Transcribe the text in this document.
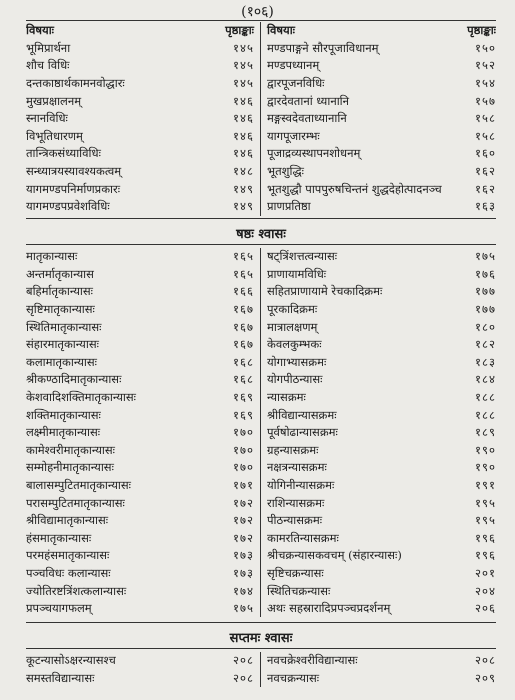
(१०६)
विषयाः	पृष्ठाङ्काः
भूमिप्रार्थना	१४५
शौच विधिः	१४५
दन्तकाष्ठार्थकामनवोद्धारः	१४५
मुखप्रक्षालनम्	१४६
स्नानविधिः	१४६
विभूतिधारणम्	१४६
तान्त्रिकसंध्याविधिः	१४६
सन्ध्यात्रयस्यावश्यकत्वम्	१४८
यागमण्डपनिर्माणप्रकारः	१४९
यागमण्डपप्रवेशविधिः	१४९
विषयाः	पृष्ठाङ्काः
मण्डपाङ्गने सौरपूजाविधानम्	१५०
मण्डपध्यानम्	१५२
द्वारपूजनविधिः	१५४
द्वारदेवतानां ध्यानानि	१५७
मङ्गस्वदेवताध्यानानि	१५८
यागपूजारम्भः	१५८
पूजाद्रव्यस्थापनशोधनम्	१६०
भूतशुद्धिः	१६२
भूतशुद्धौ पापपुरुषचिन्तनं शुद्धदेहोत्पादनञ्च	१६२
प्राणप्रतिष्ठा	१६३
षष्ठः श्वासः
मातृकान्यासः	१६५
अन्तर्मातृकान्यास	१६५
बहिर्मातृकान्यासः	१६६
सृष्टिमातृकान्यासः	१६७
स्थितिमातृकान्यासः	१६७
संहारमातृकान्यासः	१६७
कलामातृकान्यासः	१६८
श्रीकण्ठादिमातृकान्यासः	१६८
केशवादिशक्तिमातृकान्यासः	१६९
शक्तिमातृकान्यासः	१६९
लक्ष्मीमातृकान्यासः	१७०
कामेश्वरीमातृकान्यासः	१७०
सम्मोहनीमातृकान्यासः	१७०
बालासम्पुटितमातृकान्यासः	१७१
परासम्पुटितमातृकान्यासः	१७२
श्रीविद्यामातृकान्यासः	१७२
हंसमातृकान्यासः	१७२
परमहंसमातृकान्यासः	१७३
पञ्चविधः कलान्यासः	१७३
ज्योतिरष्टत्रिंशत्कलान्यासः	१७४
प्रपञ्चयागफलम्	१७५
षट्त्रिंशत्तत्वन्यासः	१७५
प्राणायामविधिः	१७६
सहितप्राणायामे रेचकादिक्रमः	१७७
पूरकादिक्रमः	१७७
मात्रालक्षणम्	१८०
केवलकुम्भकः	१८२
योगाभ्यासक्रमः	१८३
योगपीठन्यासः	१८४
न्यासक्रमः	१८८
श्रीविद्यान्यासक्रमः	१८८
पूर्वषोढान्यासक्रमः	१८९
ग्रहन्यासक्रमः	१९०
नक्षत्रन्यासक्रमः	१९०
योगिनीन्यासक्रमः	१९१
राशिन्यासक्रमः	१९५
पीठन्यासक्रमः	१९५
कामरतिन्यासक्रमः	१९६
श्रीचक्रन्यासकवचम् (संहारन्यासः)	१९६
सृष्टिचक्रन्यासः	२०१
स्थितिचक्रन्यासः	२०४
अथः सहस्रारादिप्रपञ्चप्रदर्शनम्	२०६
सप्तमः श्वासः
कूटन्यासोऽक्षरन्यासश्च	२०८
समस्तविद्यान्यासः	२०८
नवचक्रेश्वरीविद्यान्यासः	२०८
नवचक्रन्यासः	२०९
